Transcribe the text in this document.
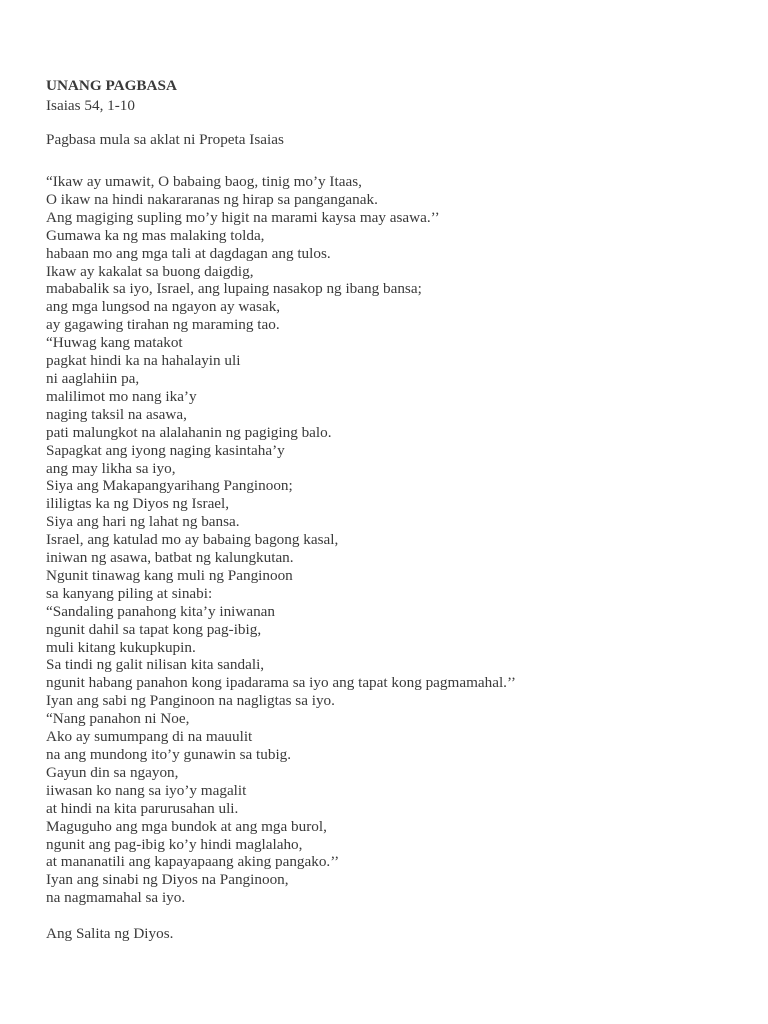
UNANG PAGBASA

Isaias 54, 1-10

Pagbasa mula sa aklat ni Propeta Isaias

“Ikaw ay umawit, O babaing baog, tinig mo’y Itaas,
O ikaw na hindi nakararanas ng hirap sa panganganak.
Ang magiging supling mo’y higit na marami kaysa may asawa.’’
Gumawa ka ng mas malaking tolda,
habaan mo ang mga tali at dagdagan ang tulos.
Ikaw ay kakalat sa buong daigdig,
mababalik sa iyo, Israel, ang lupaing nasakop ng ibang bansa;
ang mga lungsod na ngayon ay wasak,
ay gagawing tirahan ng maraming tao.
“Huwag kang matakot
pagkat hindi ka na hahalayin uli
ni aaglahiin pa,
malilimot mo nang ika’y
naging taksil na asawa,
pati malungkot na alalahanin ng pagiging balo.
Sapagkat ang iyong naging kasintaha’y
ang may likha sa iyo,
Siya ang Makapangyarihang Panginoon;
ililigtas ka ng Diyos ng Israel,
Siya ang hari ng lahat ng bansa.
Israel, ang katulad mo ay babaing bagong kasal,
iniwan ng asawa, batbat ng kalungkutan.
Ngunit tinawag kang muli ng Panginoon
sa kanyang piling at sinabi:
“Sandaling panahong kita’y iniwanan
ngunit dahil sa tapat kong pag-ibig,
muli kitang kukupkupin.
Sa tindi ng galit nilisan kita sandali,
ngunit habang panahon kong ipadarama sa iyo ang tapat kong pagmamahal.’’
Iyan ang sabi ng Panginoon na nagligtas sa iyo.
“Nang panahon ni Noe,
Ako ay sumumpang di na mauulit
na ang mundong ito’y gunawin sa tubig.
Gayun din sa ngayon,
iiwasan ko nang sa iyo’y magalit
at hindi na kita parurusahan uli.
Maguguho ang mga bundok at ang mga burol,
ngunit ang pag-ibig ko’y hindi maglalaho,
at mananatili ang kapayapaang aking pangako.’’
Iyan ang sinabi ng Diyos na Panginoon,
na nagmamahal sa iyo.

Ang Salita ng Diyos.
